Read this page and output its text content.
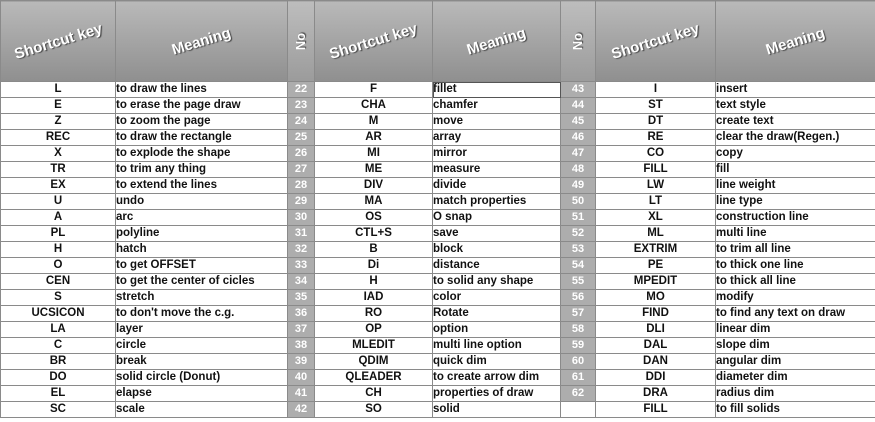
Shortcut key	Meaning	No	Shortcut key	Meaning	No	Shortcut key	Meaning
L	to draw the lines	22	F	fillet	43	I	insert
E	to erase the page draw	23	CHA	chamfer	44	ST	text style
Z	to zoom the page	24	M	move	45	DT	create text
REC	to draw the rectangle	25	AR	array	46	RE	clear the draw(Regen.)
X	to explode the shape	26	MI	mirror	47	CO	copy
TR	to trim any thing	27	ME	measure	48	FILL	fill
EX	to extend the lines	28	DIV	divide	49	LW	line weight
U	undo	29	MA	match properties	50	LT	line type
A	arc	30	OS	O snap	51	XL	construction line
PL	polyline	31	CTL+S	save	52	ML	multi line
H	hatch	32	B	block	53	EXTRIM	to trim all line
O	to get OFFSET	33	Di	distance	54	PE	to thick one line
CEN	to get the center of cicles	34	H	to solid any shape	55	MPEDIT	to thick all line
S	stretch	35	IAD	color	56	MO	modify
UCSICON	to don't move the c.g.	36	RO	Rotate	57	FIND	to find any text on draw
LA	layer	37	OP	option	58	DLI	linear dim
C	circle	38	MLEDIT	multi line option	59	DAL	slope dim
BR	break	39	QDIM	quick dim	60	DAN	angular dim
DO	solid circle (Donut)	40	QLEADER	to create arrow dim	61	DDI	diameter dim
EL	elapse	41	CH	properties of draw	62	DRA	radius dim
SC	scale	42	SO	solid		FILL	to fill solids
